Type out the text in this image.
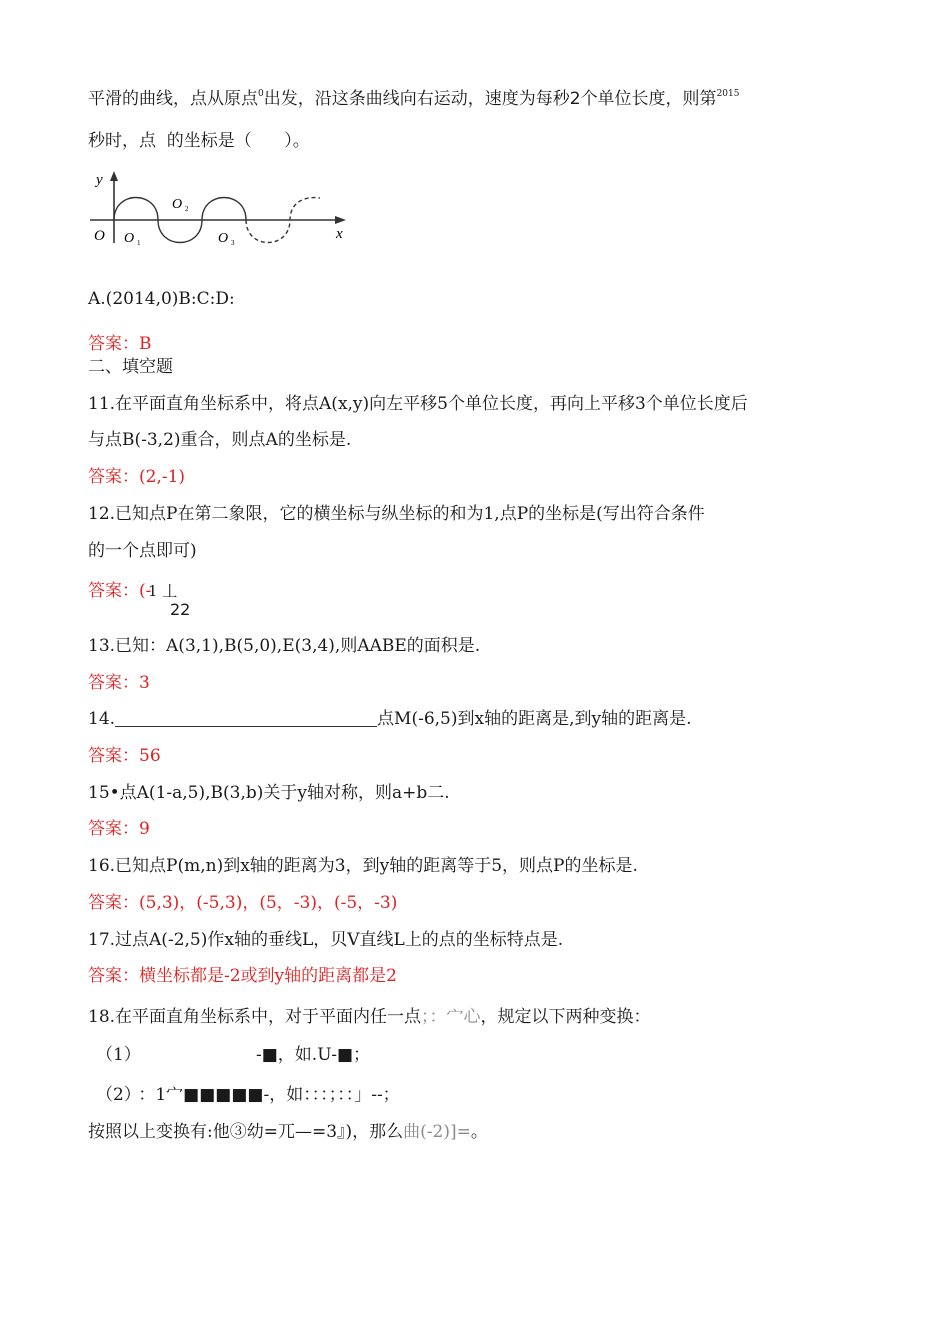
平滑的曲线，点从原点$^0$出发，沿这条曲线向右运动，速度为每秒2个单位长度，则第$^{2015}$
秒时，点  的坐标是（      ）。
y
x
O O 1
O 2
O 3
A.(2014,0)B:C:D:
答案：B
二、填空题
11.在平面直角坐标系中，将点A(x,y)向左平移5个单位长度，再向上平移3个单位长度后
与点B(-3,2)重合，则点A的坐标是.
答案：(2,-1)
12.已知点P在第二象限，它的横坐标与纵坐标的和为1,点P的坐标是(写出符合条件
的一个点即可)
答案：(-
1 丄
22
13.已知：A(3,1),B(5,0),E(3,4),则AABE的面积是.
答案：3
14.	点M(-6,5)到x轴的距离是,到y轴的距离是.
答案：56
15•点A(1-a,5),B(3,b)关于y轴对称，则a+b二.
答案：9
16.已知点P(m,n)到x轴的距离为3，到y轴的距离等于5，则点P的坐标是.
答案：(5,3)，(-5,3)，(5，-3)，(-5，-3)
17.过点A(-2,5)作x轴的垂线L，贝V直线L上的点的坐标特点是.
答案：横坐标都是-2或到y轴的距离都是2
18.在平面直角坐标系中，对于平面内任一点；：宀心，规定以下两种变换：
（1）	-■，如.U-■；
（2） ：1宀■■■■■-，如：：：；：：」--；
按照以上变换有:他③幼=兀—=3』)，那么曲(-2)]=。
